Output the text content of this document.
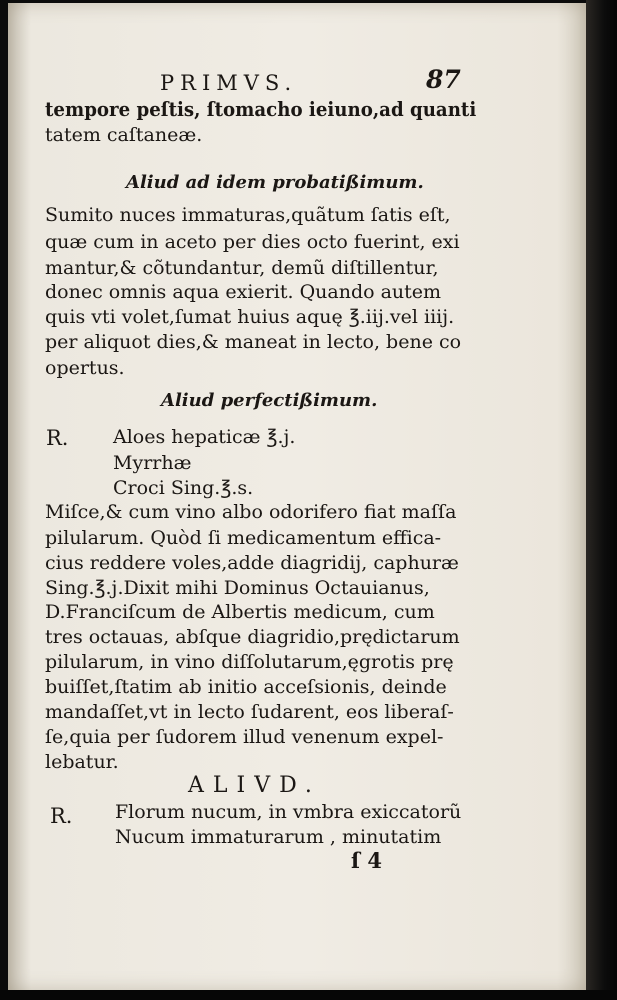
PRIMVS.	87
tempore peſtis, ſtomacho ieiuno,ad quanti
tatem caſtaneæ.
Aliud ad idem probatißimum.
Sumito nuces immaturas,quãtum ſatis eſt,
quæ cum in aceto per dies octo fuerint, exi
mantur,& cõtundantur, demũ diſtillentur,
donec omnis aqua exierit. Quando autem
quis vti volet,ſumat huius aquę ℥.iij.vel iiij.
per aliquot dies,& maneat in lecto, bene co
opertus.
Aliud perfectißimum.
R. Aloes hepaticæ ℥.j.
Myrrhæ
Croci Sing.℥.s.
Miſce,& cum vino albo odorifero fiat maſſa
pilularum. Quòd ſi medicamentum effica-
cius reddere voles,adde diagridij, caphuræ
Sing.℥.j.Dixit mihi Dominus Octauianus,
D.Franciſcum de Albertis medicum, cum
tres octauas, abſque diagridio,prędictarum
pilularum, in vino diſſolutarum,ęgrotis prę
buiſſet,ſtatim ab initio acceſsionis, deinde
mandaſſet,vt in lecto ſudarent, eos liberaſ-
ſe,quia per ſudorem illud venenum expel-
lebatur.
ALIVD.
R. Florum nucum, in vmbra exiccatorũ
Nucum immaturarum , minutatim
ſ 4
